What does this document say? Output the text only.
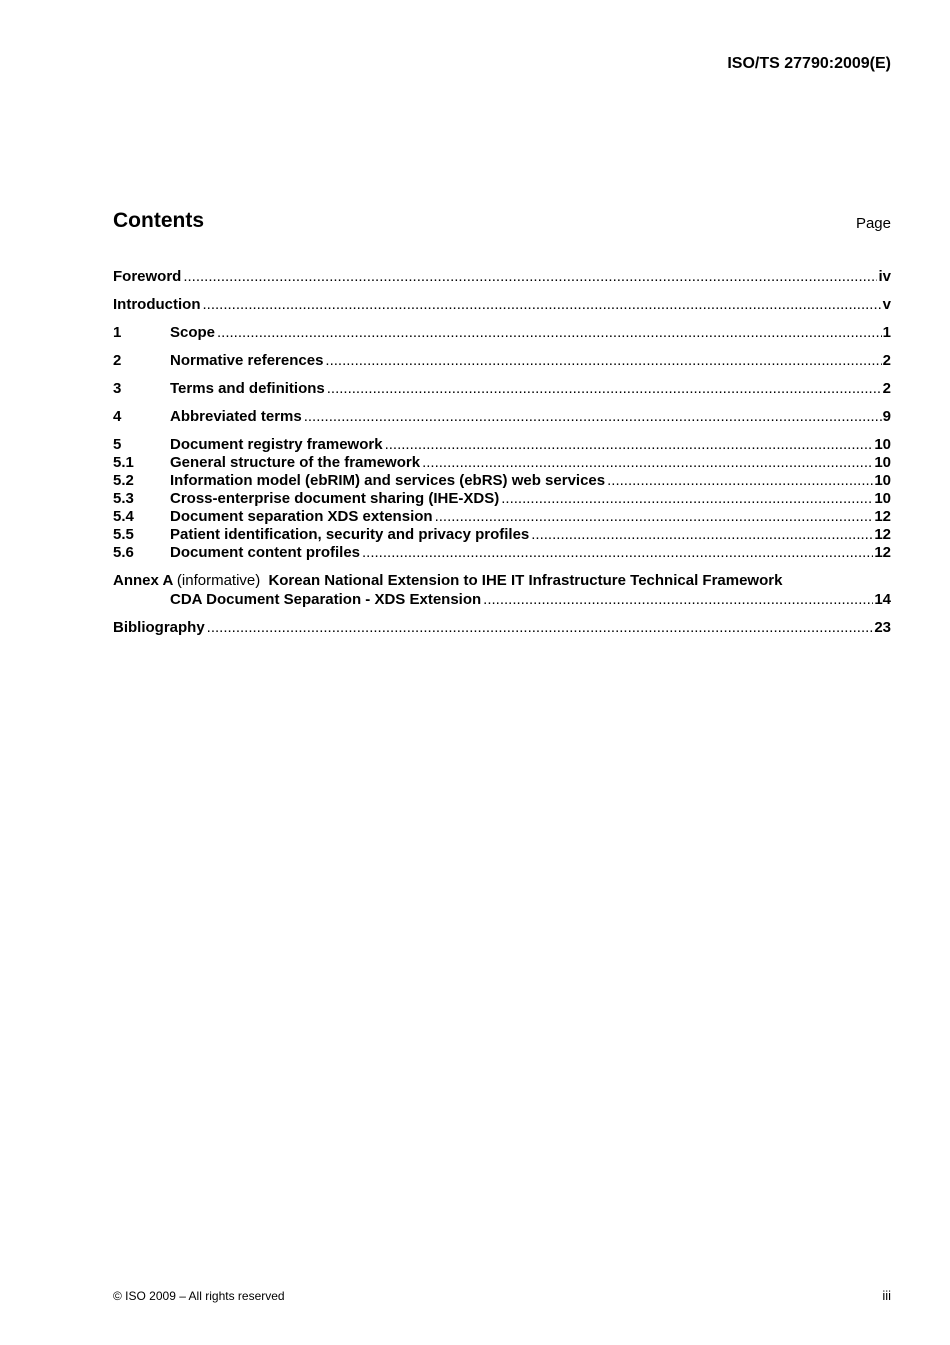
ISO/TS 27790:2009(E)
Contents	Page
Foreword .....	iv
Introduction .....	v
1	Scope .....	1
2	Normative references .....	2
3	Terms and definitions .....	2
4	Abbreviated terms .....	9
5	Document registry framework .....	10
5.1	General structure of the framework .....	10
5.2	Information model (ebRIM) and services (ebRS) web services .....	10
5.3	Cross-enterprise document sharing (IHE-XDS) .....	10
5.4	Document separation XDS extension .....	12
5.5	Patient identification, security and privacy profiles .....	12
5.6	Document content profiles .....	12
Annex A (informative) Korean National Extension to IHE IT Infrastructure Technical Framework
CDA Document Separation - XDS Extension .....	14
Bibliography .....	23
© ISO 2009 – All rights reserved	iii
